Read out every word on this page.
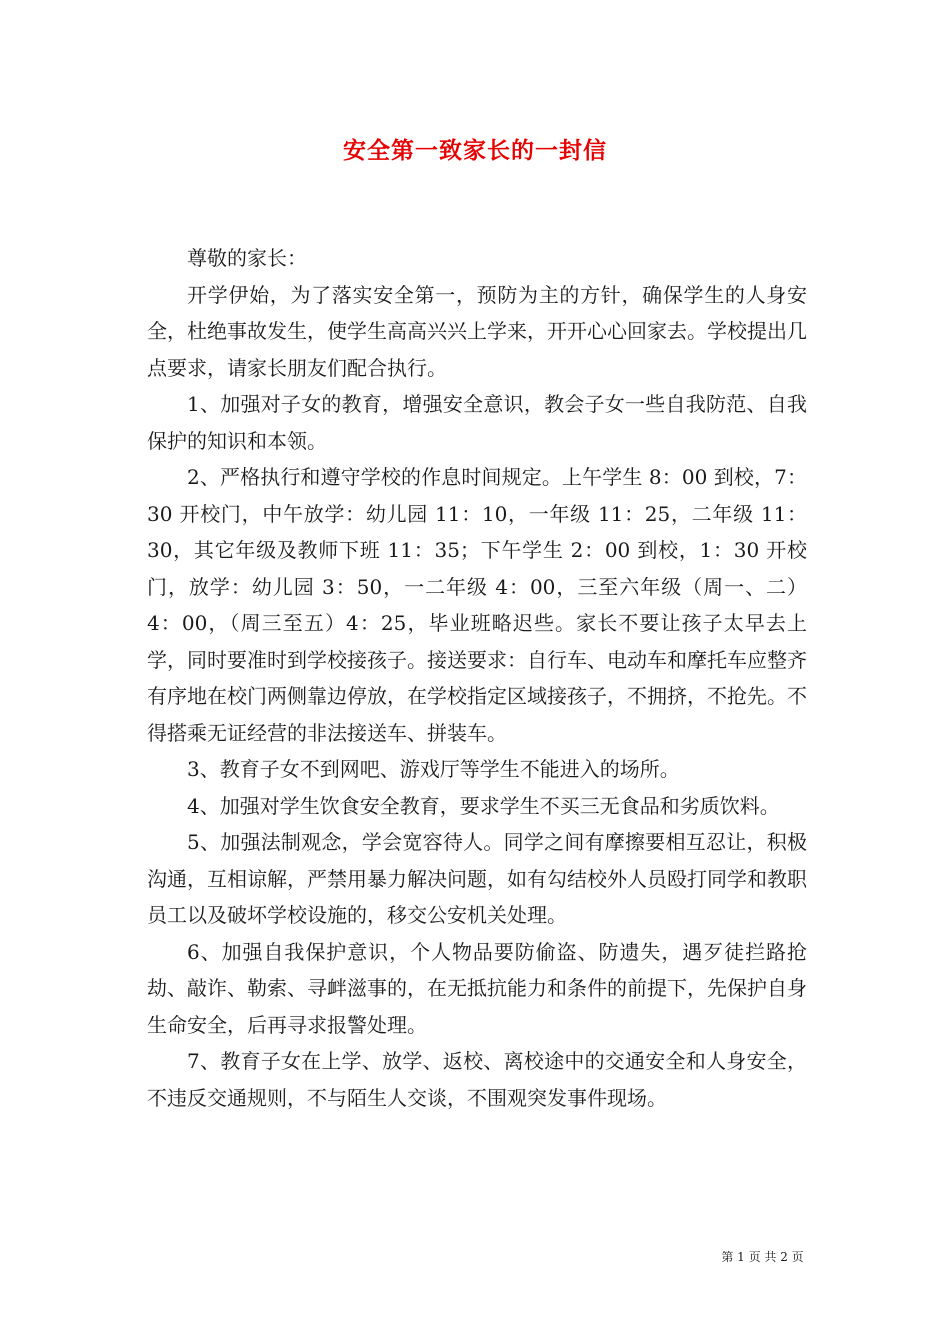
安全第一致家长的一封信

尊敬的家长：

开学伊始，为了落实安全第一，预防为主的方针，确保学生的人身安全，杜绝事故发生，使学生高高兴兴上学来，开开心心回家去。学校提出几点要求，请家长朋友们配合执行。

1、加强对子女的教育，增强安全意识，教会子女一些自我防范、自我保护的知识和本领。

2、严格执行和遵守学校的作息时间规定。上午学生 8：00 到校，7：30 开校门，中午放学：幼儿园 11：10，一年级 11：25，二年级 11：30，其它年级及教师下班 11：35；下午学生 2：00 到校，1：30 开校门，放学：幼儿园 3：50，一二年级 4：00，三至六年级（周一、二）4：00，（周三至五）4：25，毕业班略迟些。家长不要让孩子太早去上学，同时要准时到学校接孩子。接送要求：自行车、电动车和摩托车应整齐有序地在校门两侧靠边停放，在学校指定区域接孩子，不拥挤，不抢先。不得搭乘无证经营的非法接送车、拼装车。

3、教育子女不到网吧、游戏厅等学生不能进入的场所。

4、加强对学生饮食安全教育，要求学生不买三无食品和劣质饮料。

5、加强法制观念，学会宽容待人。同学之间有摩擦要相互忍让，积极沟通，互相谅解，严禁用暴力解决问题，如有勾结校外人员殴打同学和教职员工以及破坏学校设施的，移交公安机关处理。

6、加强自我保护意识，个人物品要防偷盗、防遗失，遇歹徒拦路抢劫、敲诈、勒索、寻衅滋事的，在无抵抗能力和条件的前提下，先保护自身生命安全，后再寻求报警处理。

7、教育子女在上学、放学、返校、离校途中的交通安全和人身安全，不违反交通规则，不与陌生人交谈，不围观突发事件现场。

第 1 页 共 2 页
